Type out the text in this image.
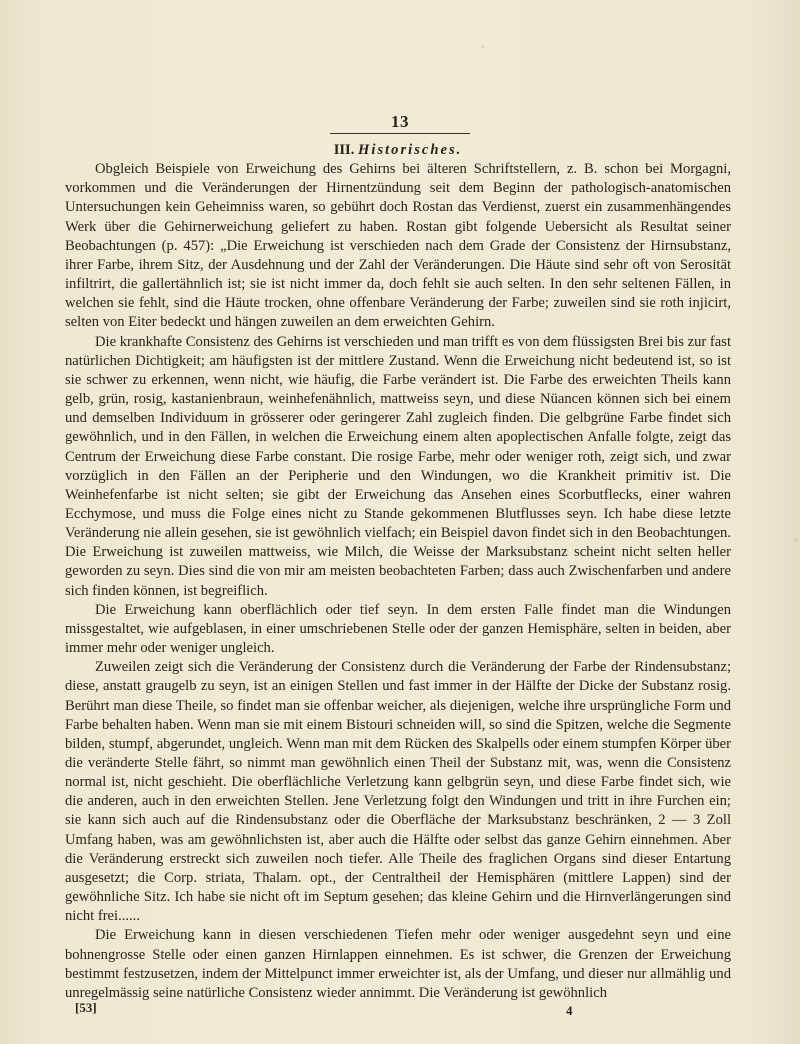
13

III. Historisches.

Obgleich Beispiele von Erweichung des Gehirns bei älteren Schriftstellern, z. B. schon bei Morgagni, vorkommen und die Veränderungen der Hirnentzündung seit dem Beginn der pathologisch-anatomischen Untersuchungen kein Geheimniss waren, so gebührt doch Rostan das Verdienst, zuerst ein zusammenhängendes Werk über die Gehirnerweichung geliefert zu haben. Rostan gibt folgende Uebersicht als Resultat seiner Beobachtungen (p. 457): „Die Erweichung ist verschieden nach dem Grade der Consistenz der Hirnsubstanz, ihrer Farbe, ihrem Sitz, der Ausdehnung und der Zahl der Veränderungen. Die Häute sind sehr oft von Serosität infiltrirt, die gallertähnlich ist; sie ist nicht immer da, doch fehlt sie auch selten. In den sehr seltenen Fällen, in welchen sie fehlt, sind die Häute trocken, ohne offenbare Veränderung der Farbe; zuweilen sind sie roth injicirt, selten von Eiter bedeckt und hängen zuweilen an dem erweichten Gehirn.

Die krankhafte Consistenz des Gehirns ist verschieden und man trifft es von dem flüssigsten Brei bis zur fast natürlichen Dichtigkeit; am häufigsten ist der mittlere Zustand. Wenn die Erweichung nicht bedeutend ist, so ist sie schwer zu erkennen, wenn nicht, wie häufig, die Farbe verändert ist. Die Farbe des erweichten Theils kann gelb, grün, rosig, kastanienbraun, weinhefenähnlich, mattweiss seyn, und diese Nüancen können sich bei einem und demselben Individuum in grösserer oder geringerer Zahl zugleich finden. Die gelbgrüne Farbe findet sich gewöhnlich, und in den Fällen, in welchen die Erweichung einem alten apoplectischen Anfalle folgte, zeigt das Centrum der Erweichung diese Farbe constant. Die rosige Farbe, mehr oder weniger roth, zeigt sich, und zwar vorzüglich in den Fällen an der Peripherie und den Windungen, wo die Krankheit primitiv ist. Die Weinhefenfarbe ist nicht selten; sie gibt der Erweichung das Ansehen eines Scorbutflecks, einer wahren Ecchymose, und muss die Folge eines nicht zu Stande gekommenen Blutflusses seyn. Ich habe diese letzte Veränderung nie allein gesehen, sie ist gewöhnlich vielfach; ein Beispiel davon findet sich in den Beobachtungen. Die Erweichung ist zuweilen mattweiss, wie Milch, die Weisse der Marksubstanz scheint nicht selten heller geworden zu seyn. Dies sind die von mir am meisten beobachteten Farben; dass auch Zwischenfarben und andere sich finden können, ist begreiflich.

Die Erweichung kann oberflächlich oder tief seyn. In dem ersten Falle findet man die Windungen missgestaltet, wie aufgeblasen, in einer umschriebenen Stelle oder der ganzen Hemisphäre, selten in beiden, aber immer mehr oder weniger ungleich.

Zuweilen zeigt sich die Veränderung der Consistenz durch die Veränderung der Farbe der Rindensubstanz; diese, anstatt graugelb zu seyn, ist an einigen Stellen und fast immer in der Hälfte der Dicke der Substanz rosig. Berührt man diese Theile, so findet man sie offenbar weicher, als diejenigen, welche ihre ursprüngliche Form und Farbe behalten haben. Wenn man sie mit einem Bistouri schneiden will, so sind die Spitzen, welche die Segmente bilden, stumpf, abgerundet, ungleich. Wenn man mit dem Rücken des Skalpells oder einem stumpfen Körper über die veränderte Stelle fährt, so nimmt man gewöhnlich einen Theil der Substanz mit, was, wenn die Consistenz normal ist, nicht geschieht. Die oberflächliche Verletzung kann gelbgrün seyn, und diese Farbe findet sich, wie die anderen, auch in den erweichten Stellen. Jene Verletzung folgt den Windungen und tritt in ihre Furchen ein; sie kann sich auch auf die Rindensubstanz oder die Oberfläche der Marksubstanz beschränken, 2 — 3 Zoll Umfang haben, was am gewöhnlichsten ist, aber auch die Hälfte oder selbst das ganze Gehirn einnehmen. Aber die Veränderung erstreckt sich zuweilen noch tiefer. Alle Theile des fraglichen Organs sind dieser Entartung ausgesetzt; die Corp. striata, Thalam. opt., der Centraltheil der Hemisphären (mittlere Lappen) sind der gewöhnliche Sitz. Ich habe sie nicht oft im Septum gesehen; das kleine Gehirn und die Hirnverlängerungen sind nicht frei......

Die Erweichung kann in diesen verschiedenen Tiefen mehr oder weniger ausgedehnt seyn und eine bohnengrosse Stelle oder einen ganzen Hirnlappen einnehmen. Es ist schwer, die Grenzen der Erweichung bestimmt festzusetzen, indem der Mittelpunct immer erweichter ist, als der Umfang, und dieser nur allmählig und unregelmässig seine natürliche Consistenz wieder annimmt. Die Veränderung ist gewöhnlich

[53]	4
